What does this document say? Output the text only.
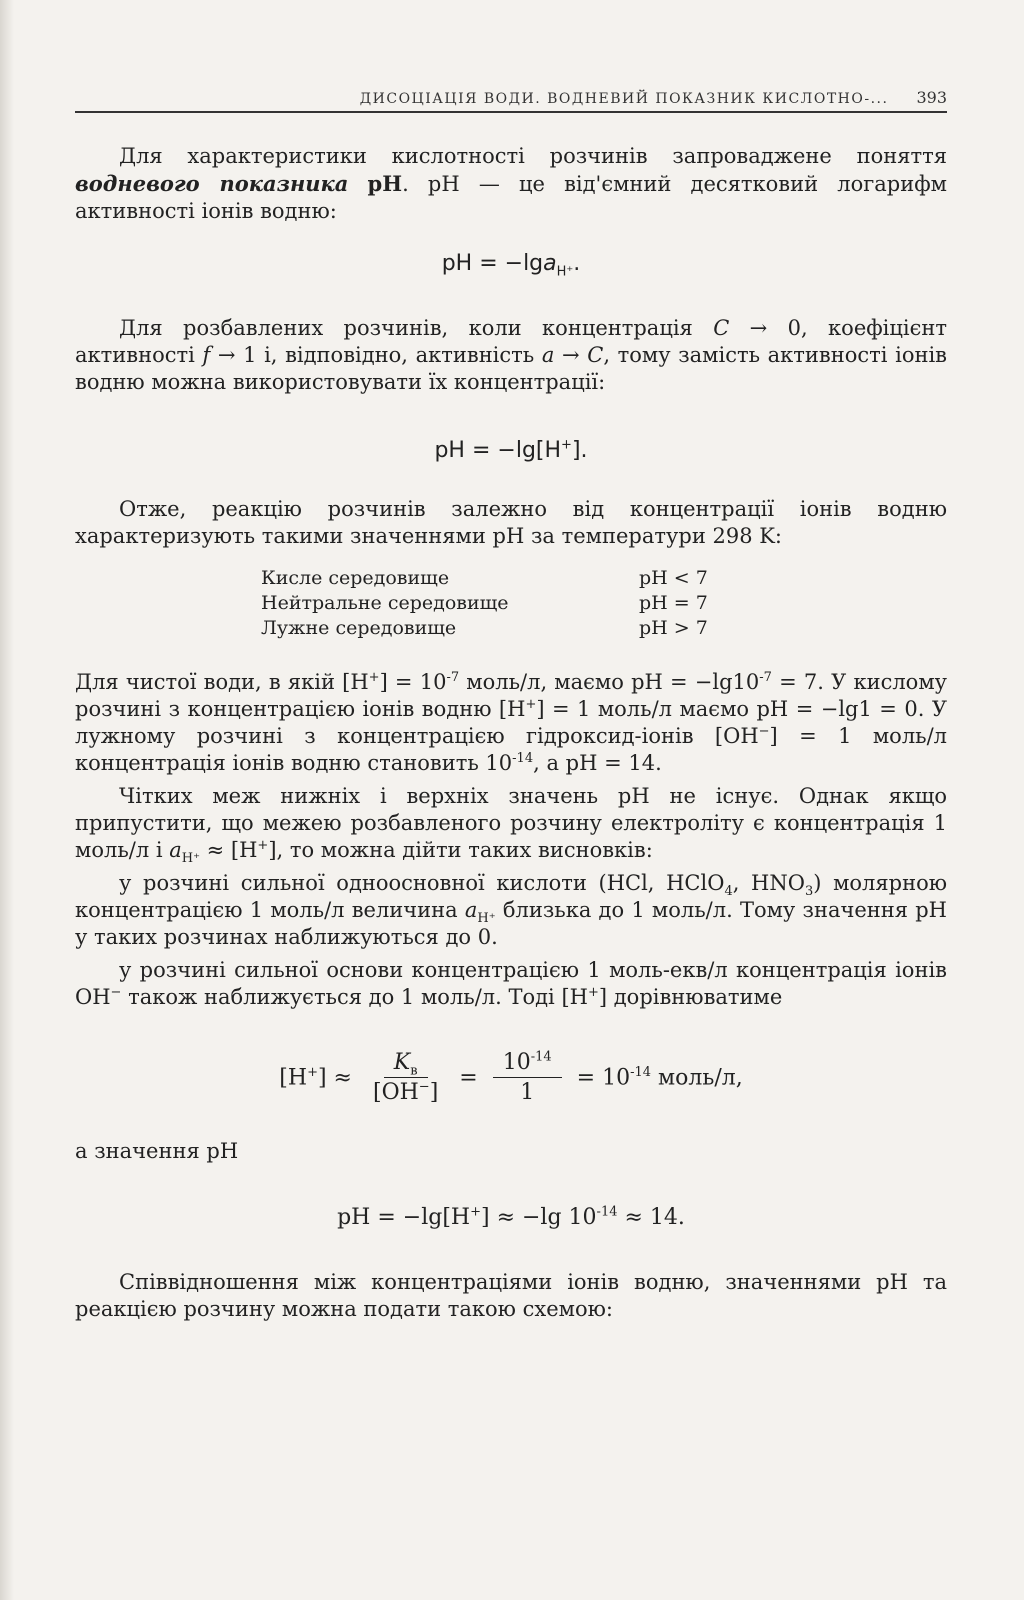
ДИСОЦІАЦІЯ ВОДИ. ВОДНЕВИЙ ПОКАЗНИК КИСЛОТНО-... 393

Для характеристики кислотності розчинів запроваджене поняття водневого показника рН. pH — це від'ємний десятковий логарифм активності іонів водню:

pH = −lga$_{H^+}$.

Для розбавлених розчинів, коли концентрація C → 0, коефіцієнт активності f → 1 і, відповідно, активність a → C, тому замість активності іонів водню можна використовувати їх концентрації:

pH = −lg[H+].

Отже, реакцію розчинів залежно від концентрації іонів водню характеризують такими значеннями pH за температури 298 K:

Кисле середовище	pH < 7
Нейтральне середовище	pH = 7
Лужне середовище	pH > 7

Для чистої води, в якій $[H^+] = 10^{-7}$ моль/л, маємо pH = $-\lg 10^{-7} = 7$. У кислому розчині з концентрацією іонів водню [H+] = 1 моль/л маємо pH = −lg1 = 0. У лужному розчині з концентрацією гідроксид-іонів [OH−] = 1 моль/л концентрація іонів водню становить $10^{-14}$, а pH = 14.

Чітких меж нижніх і верхніх значень pH не існує. Однак якщо припустити, що межею розбавленого розчину електроліту є концентрація 1 моль/л і $a_{H^+} \approx [H^+]$, то можна дійти таких висновків:

у розчині сильної одноосновної кислоти (HCl, HClO$_4$, $HNO_3$) молярною концентрацією 1 моль/л величина $a_{H^+}$ близька до 1 моль/л. Тому значення pH у таких розчинах наближуються до 0.

у розчині сильної основи концентрацією 1 моль-екв/л концентрація іонів OH− також наближується до 1 моль/л. Тоді [H+] дорівнюватиме

$[H^+] \approx \frac{K_в}{[OH^-]} = \frac{10^{-14}}{1} = 10^{-14}$ моль/л,

а значення pH

pH = −lg[H+] ≈ −lg $10^{-14} \approx 14$.

Співвідношення між концентраціями іонів водню, значеннями pH та реакцією розчину можна подати такою схемою:
